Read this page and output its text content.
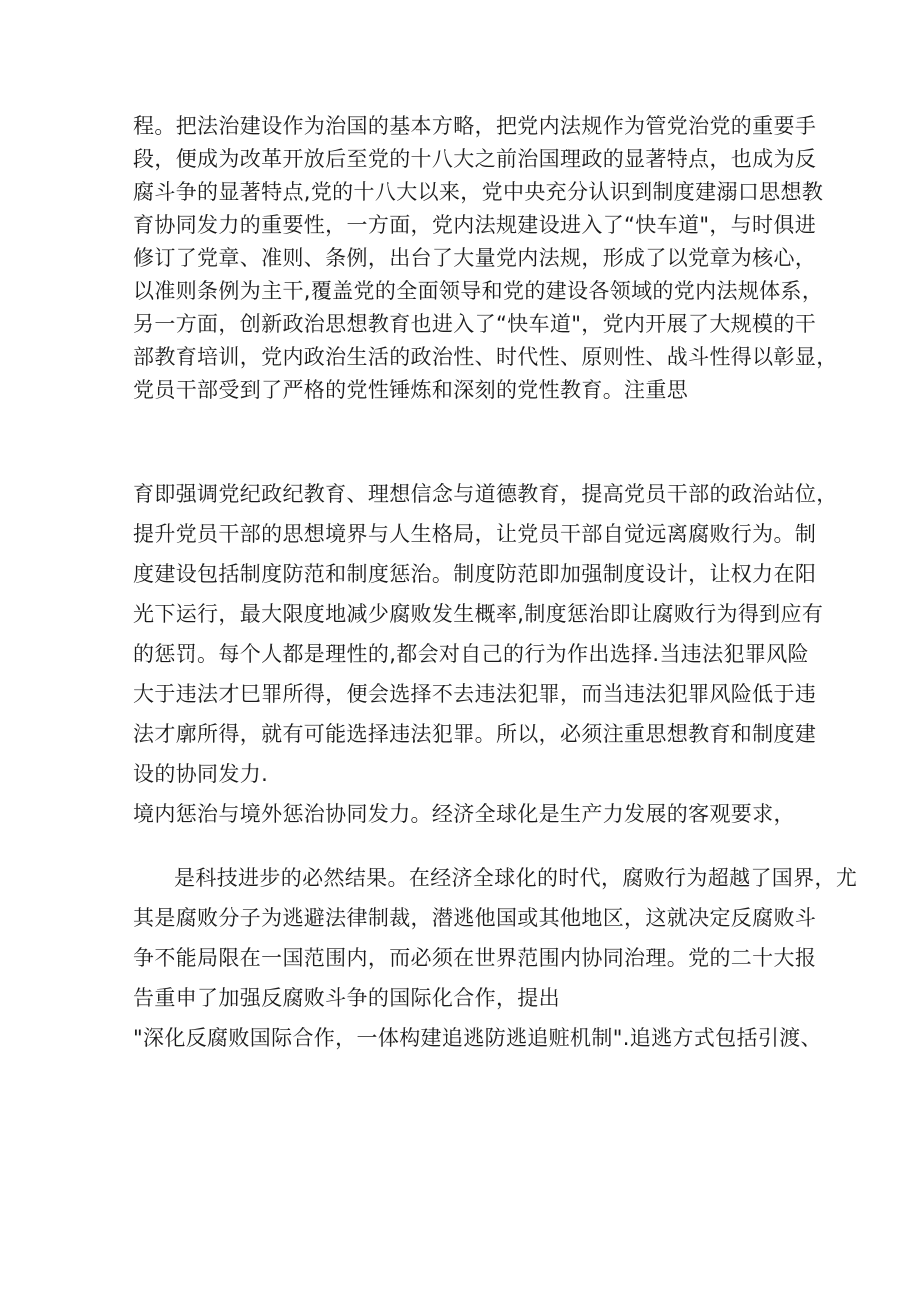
程。把法治建设作为治国的基本方略，把党内法规作为管党治党的重要手
段，便成为改革开放后至党的十八大之前治国理政的显著特点，也成为反
腐斗争的显著特点,党的十八大以来，党中央充分认识到制度建溺口思想教
育协同发力的重要性，一方面，党内法规建设进入了“快车道"，与时俱进
修订了党章、准则、条例，出台了大量党内法规，形成了以党章为核心，
以准则条例为主干,覆盖党的全面领导和党的建设各领域的党内法规体系，
另一方面，创新政治思想教育也进入了“快车道"，党内开展了大规模的干
部教育培训，党内政治生活的政治性、时代性、原则性、战斗性得以彰显，
党员干部受到了严格的党性锤炼和深刻的党性教育。注重思
育即强调党纪政纪教育、理想信念与道德教育，提高党员干部的政治站位，
提升党员干部的思想境界与人生格局，让党员干部自觉远离腐败行为。制
度建设包括制度防范和制度惩治。制度防范即加强制度设计，让权力在阳
光下运行，最大限度地减少腐败发生概率,制度惩治即让腐败行为得到应有
的惩罚。每个人都是理性的,都会对自己的行为作出选择.当违法犯罪风险
大于违法才巳罪所得，便会选择不去违法犯罪，而当违法犯罪风险低于违
法才廓所得，就有可能选择违法犯罪。所以，必须注重思想教育和制度建
设的协同发力.
境内惩治与境外惩治协同发力。经济全球化是生产力发展的客观要求，
是科技进步的必然结果。在经济全球化的时代，腐败行为超越了国界，尤
其是腐败分子为逃避法律制裁，潜逃他国或其他地区，这就决定反腐败斗
争不能局限在一国范围内，而必须在世界范围内协同治理。党的二十大报
告重申了加强反腐败斗争的国际化合作，提出
"深化反腐败国际合作，一体构建追逃防逃追赃机制".追逃方式包括引渡、
